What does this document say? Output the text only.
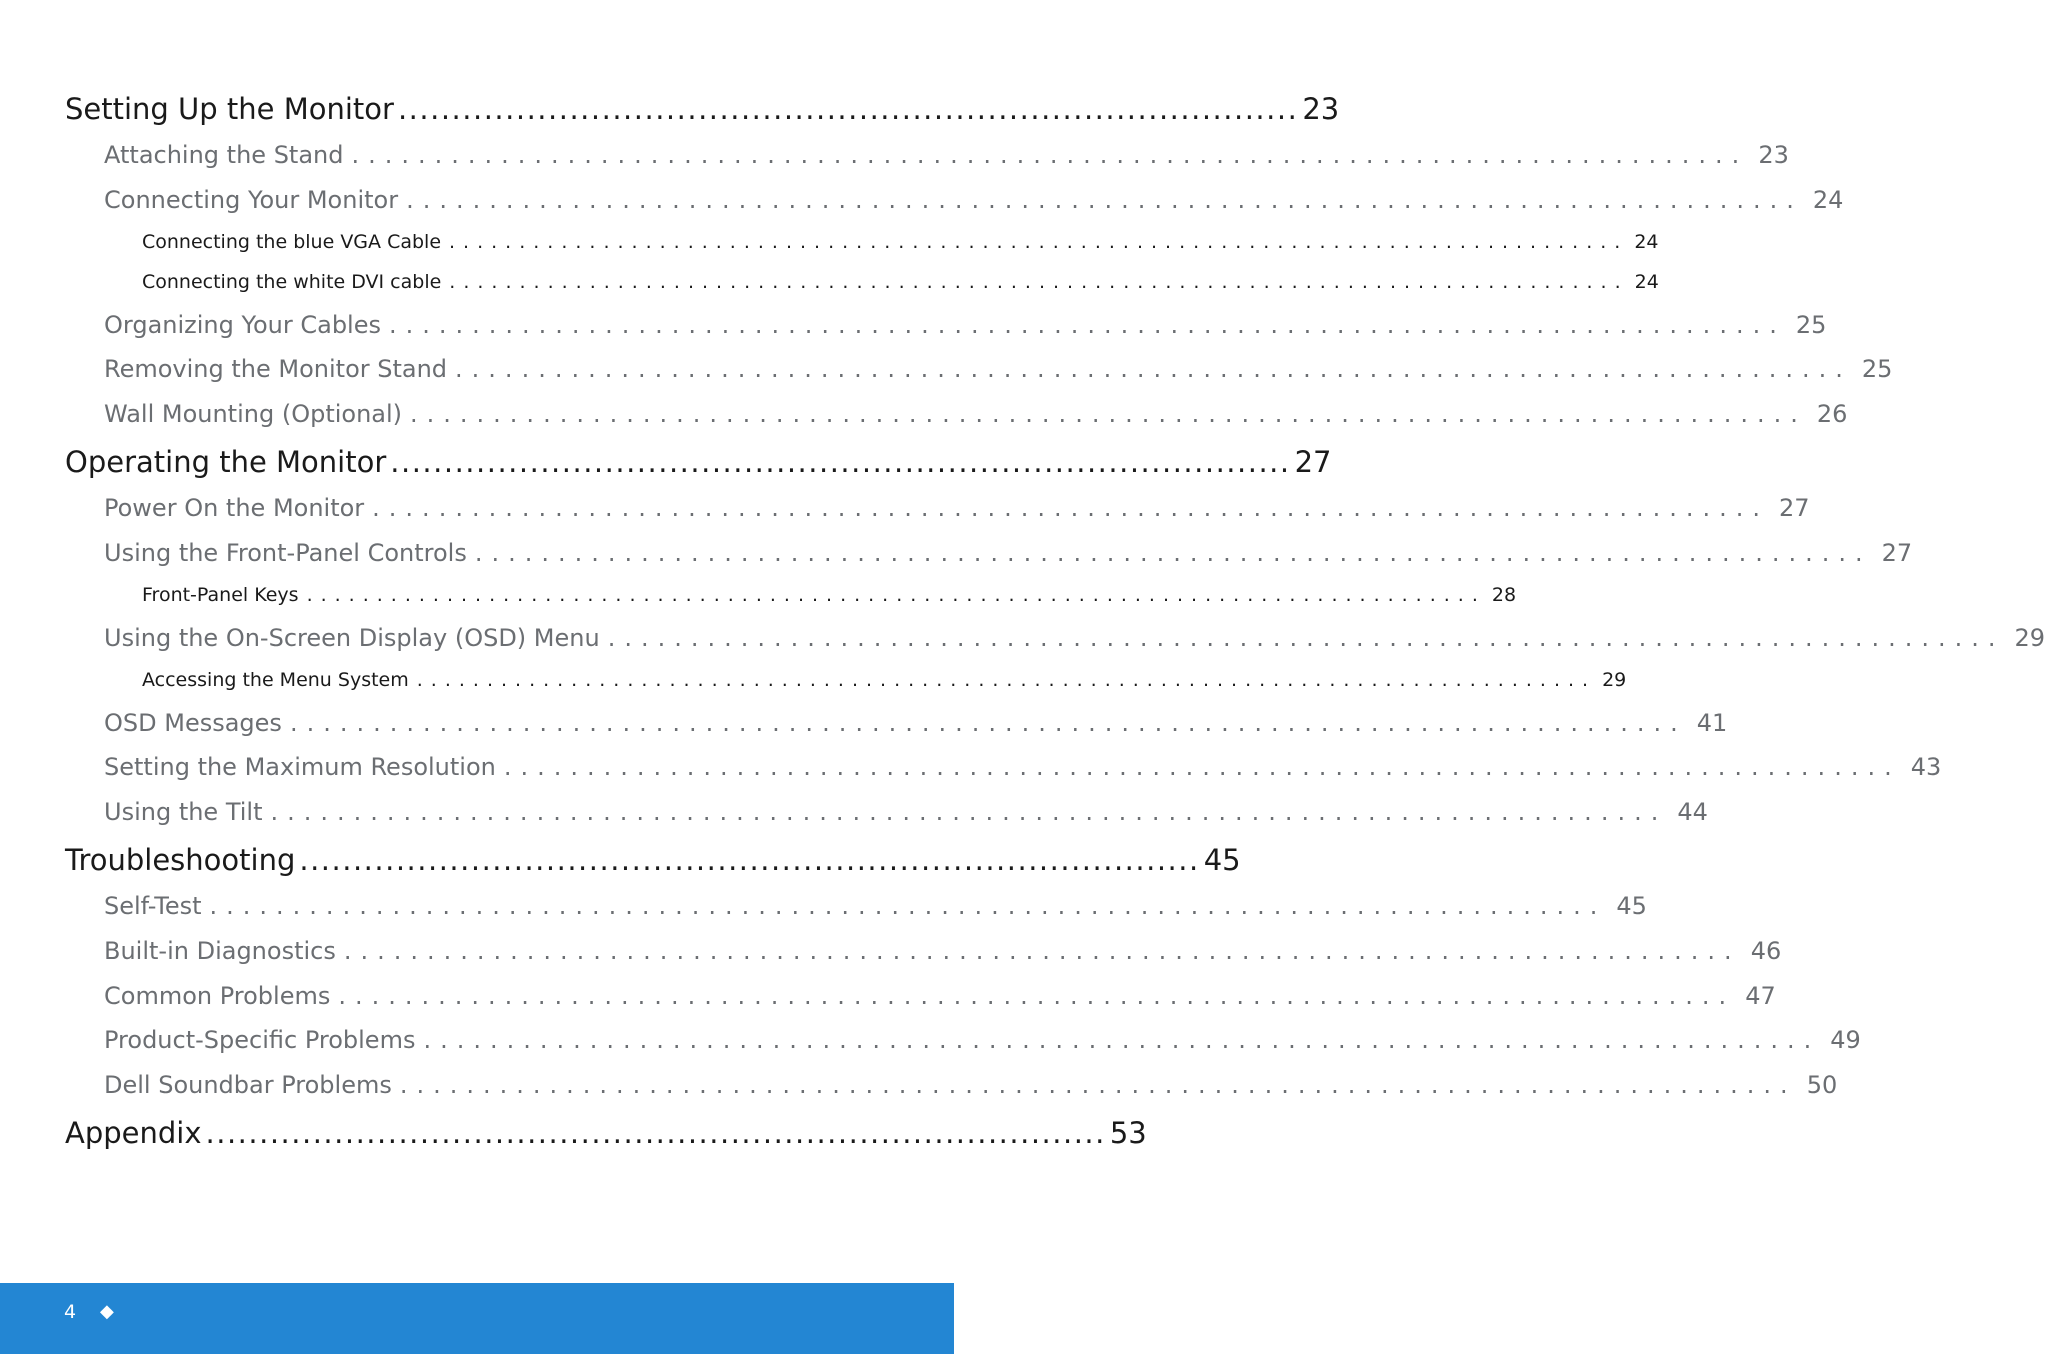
Setting Up the Monitor .................................................................................... 23
Attaching the Stand .................................................................................... 23
Connecting Your Monitor .................................................................................... 24
Connecting the blue VGA Cable .................................................................................... 24
Connecting the white DVI cable .................................................................................... 24
Organizing Your Cables .................................................................................... 25
Removing the Monitor Stand .................................................................................... 25
Wall Mounting (Optional) .................................................................................... 26
Operating the Monitor .................................................................................... 27
Power On the Monitor .................................................................................... 27
Using the Front-Panel Controls .................................................................................... 27
Front-Panel Keys .................................................................................... 28
Using the On-Screen Display (OSD) Menu .................................................................................... 29
Accessing the Menu System .................................................................................... 29
OSD Messages .................................................................................... 41
Setting the Maximum Resolution .................................................................................... 43
Using the Tilt .................................................................................... 44
Troubleshooting .................................................................................... 45
Self-Test .................................................................................... 45
Built-in Diagnostics .................................................................................... 46
Common Problems .................................................................................... 47
Product-Specific Problems .................................................................................... 49
Dell Soundbar Problems .................................................................................... 50
Appendix .................................................................................... 53
4 ◆
